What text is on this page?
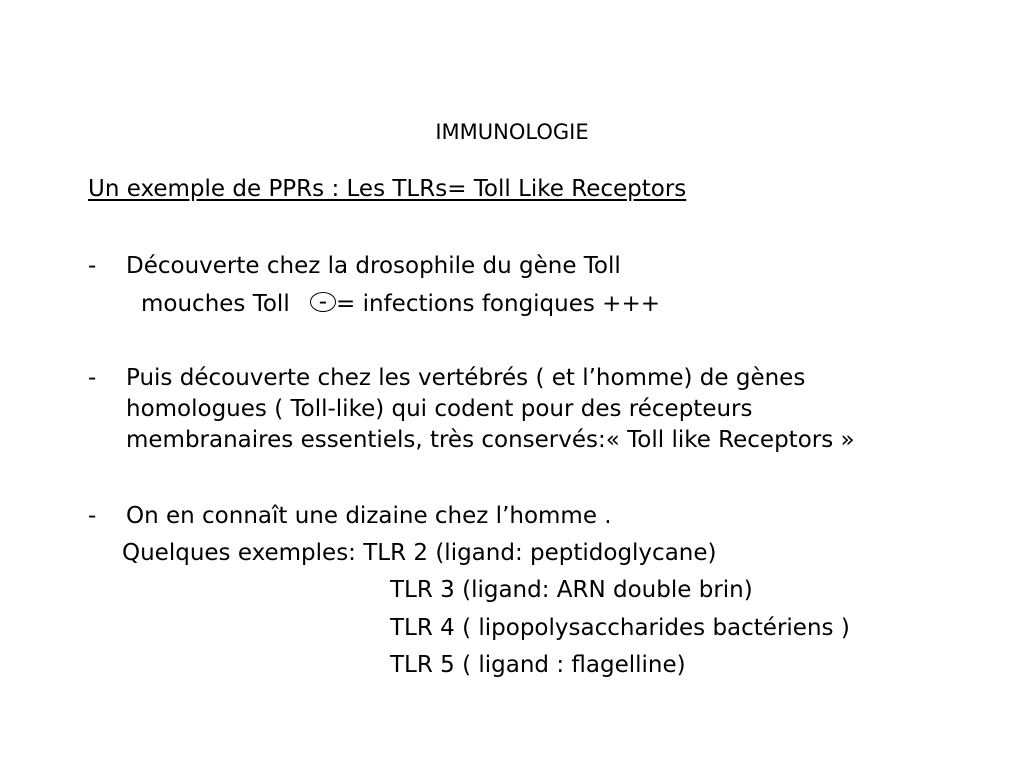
IMMUNOLOGIE
Un exemple de PPRs : Les TLRs= Toll Like Receptors
- Découverte chez la drosophile du gène Toll
mouches Toll - = infections fongiques +++
- Puis découverte chez les vertébrés ( et l’homme) de gènes
homologues ( Toll-like) qui codent pour des récepteurs
membranaires essentiels, très conservés:« Toll like Receptors »
- On en connaît une dizaine chez l’homme .
Quelques exemples: TLR 2 (ligand: peptidoglycane)
TLR 3 (ligand: ARN double brin)
TLR 4 ( lipopolysaccharides bactériens )
TLR 5 ( ligand : flagelline)
